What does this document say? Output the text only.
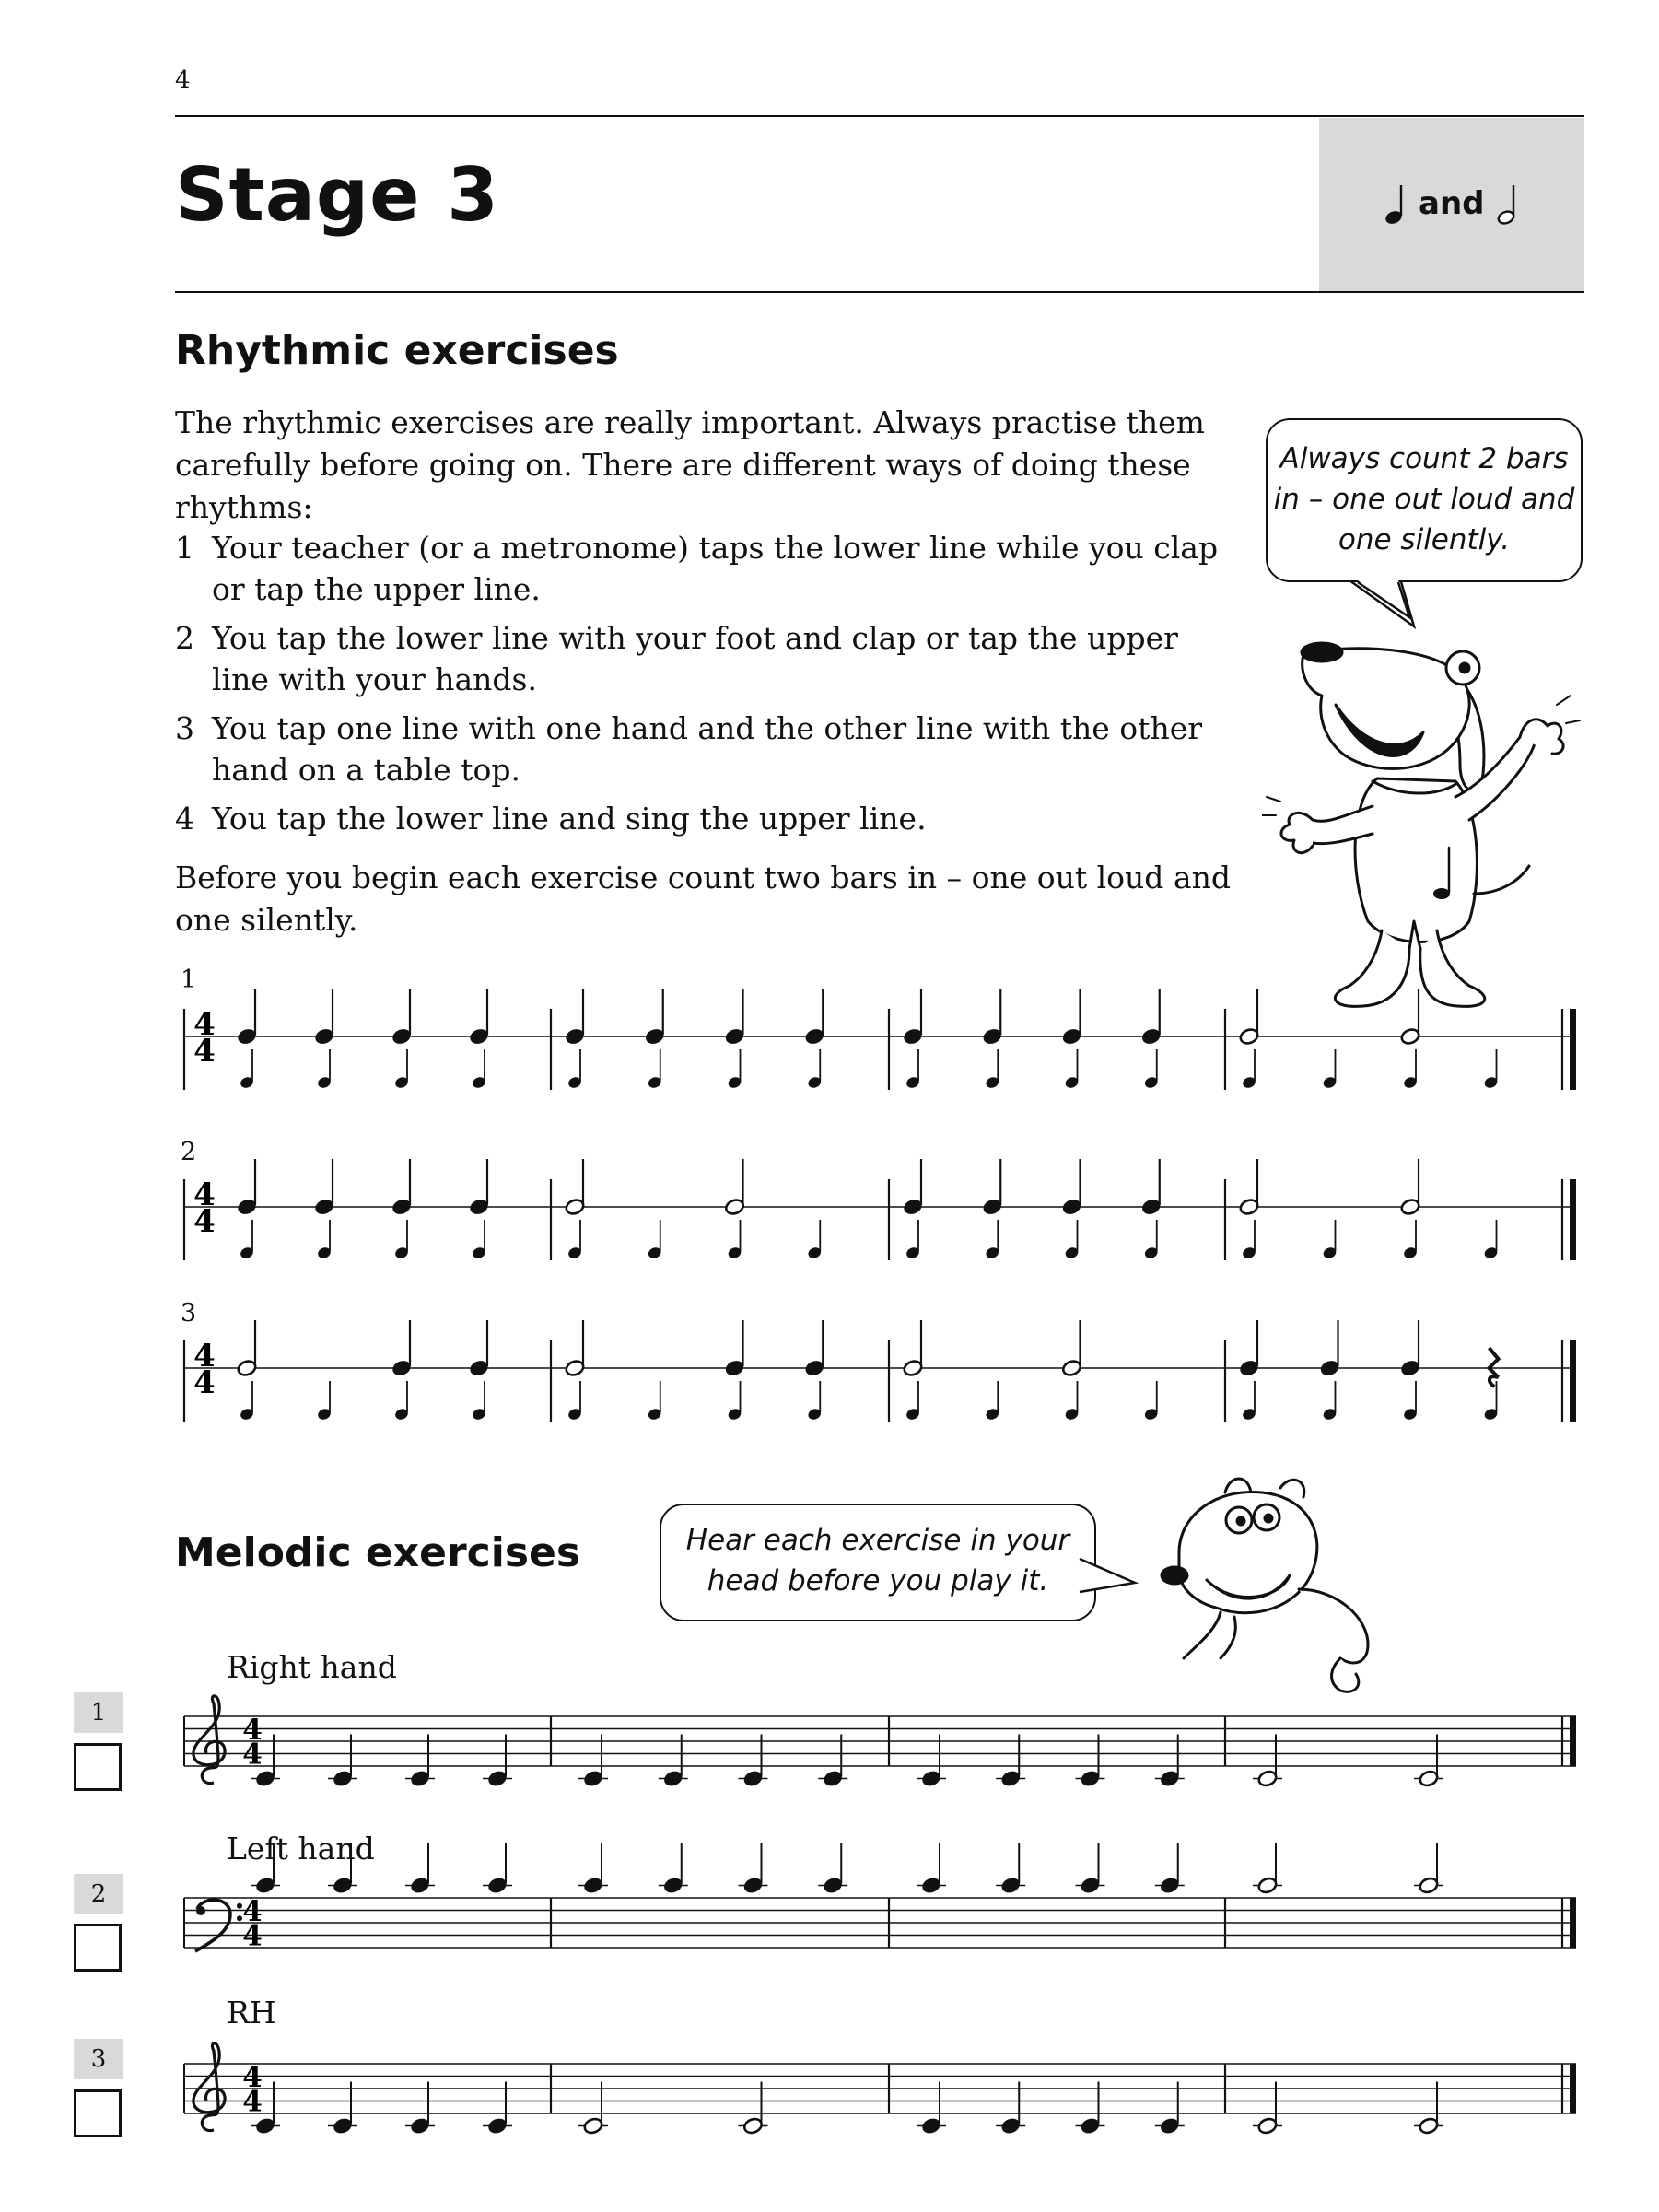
4
Stage 3	and
Rhythmic exercises
The rhythmic exercises are really important. Always practise them carefully before going on. There are different ways of doing these rhythms:
1 Your teacher (or a metronome) taps the lower line while you clap or tap the upper line.
2 You tap the lower line with your foot and clap or tap the upper line with your hands.
3 You tap one line with one hand and the other line with the other hand on a table top.
4 You tap the lower line and sing the upper line.
Before you begin each exercise count two bars in – one out loud and one silently.
Always count 2 bars in – one out loud and one silently.
1
2
3
4
4
4
4
4
4
Melodic exercises	Hear each exercise in your head before you play it.
1
2
3
Right hand
Left hand
RH
4
4
4
4
4
4
